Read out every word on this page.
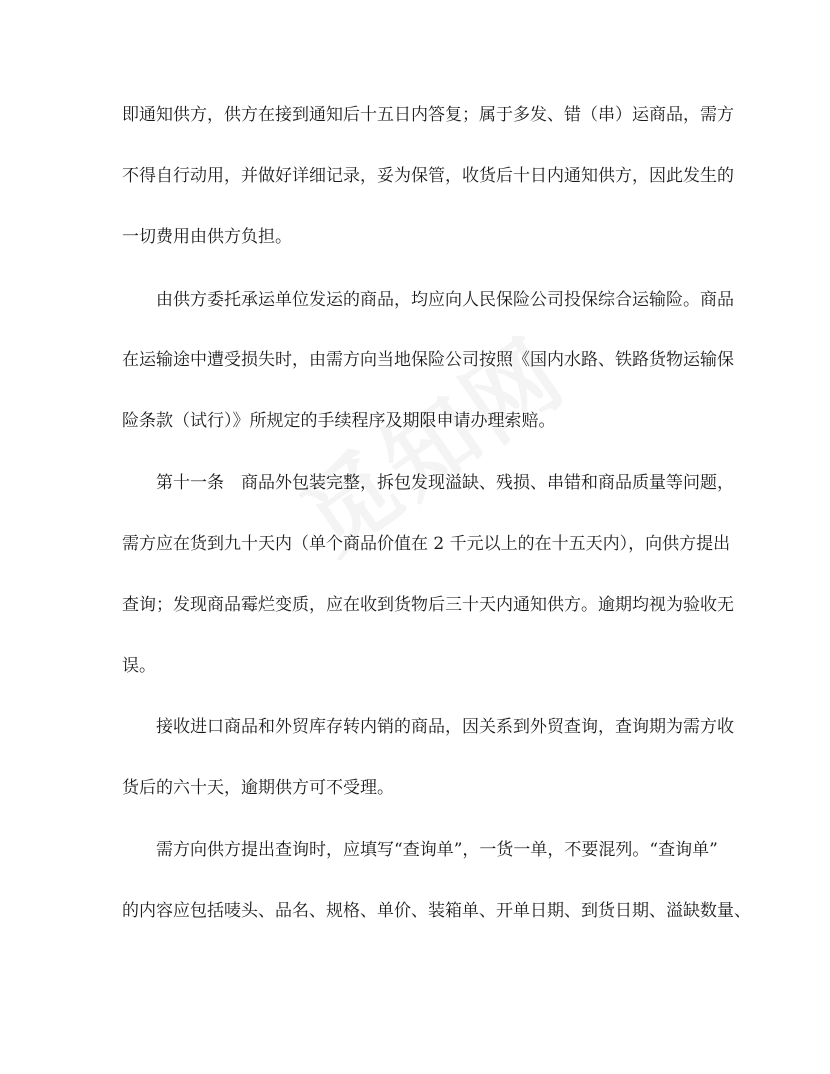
即通知供方，供方在接到通知后十五日内答复；属于多发、错（串）运商品，需方
不得自行动用，并做好详细记录，妥为保管，收货后十日内通知供方，因此发生的
一切费用由供方负担。
由供方委托承运单位发运的商品，均应向人民保险公司投保综合运输险。商品
在运输途中遭受损失时，由需方向当地保险公司按照《国内水路、铁路货物运输保
险条款（试行）》所规定的手续程序及期限申请办理索赔。
第十一条　商品外包装完整，拆包发现溢缺、残损、串错和商品质量等问题，
需方应在货到九十天内（单个商品价值在 2 千元以上的在十五天内），向供方提出
查询；发现商品霉烂变质，应在收到货物后三十天内通知供方。逾期均视为验收无
误。
接收进口商品和外贸库存转内销的商品，因关系到外贸查询，查询期为需方收
货后的六十天，逾期供方可不受理。
需方向供方提出查询时，应填写“查询单”，一货一单，不要混列。“查询单”
的内容应包括唛头、品名、规格、单价、装箱单、开单日期、到货日期、溢缺数量、
